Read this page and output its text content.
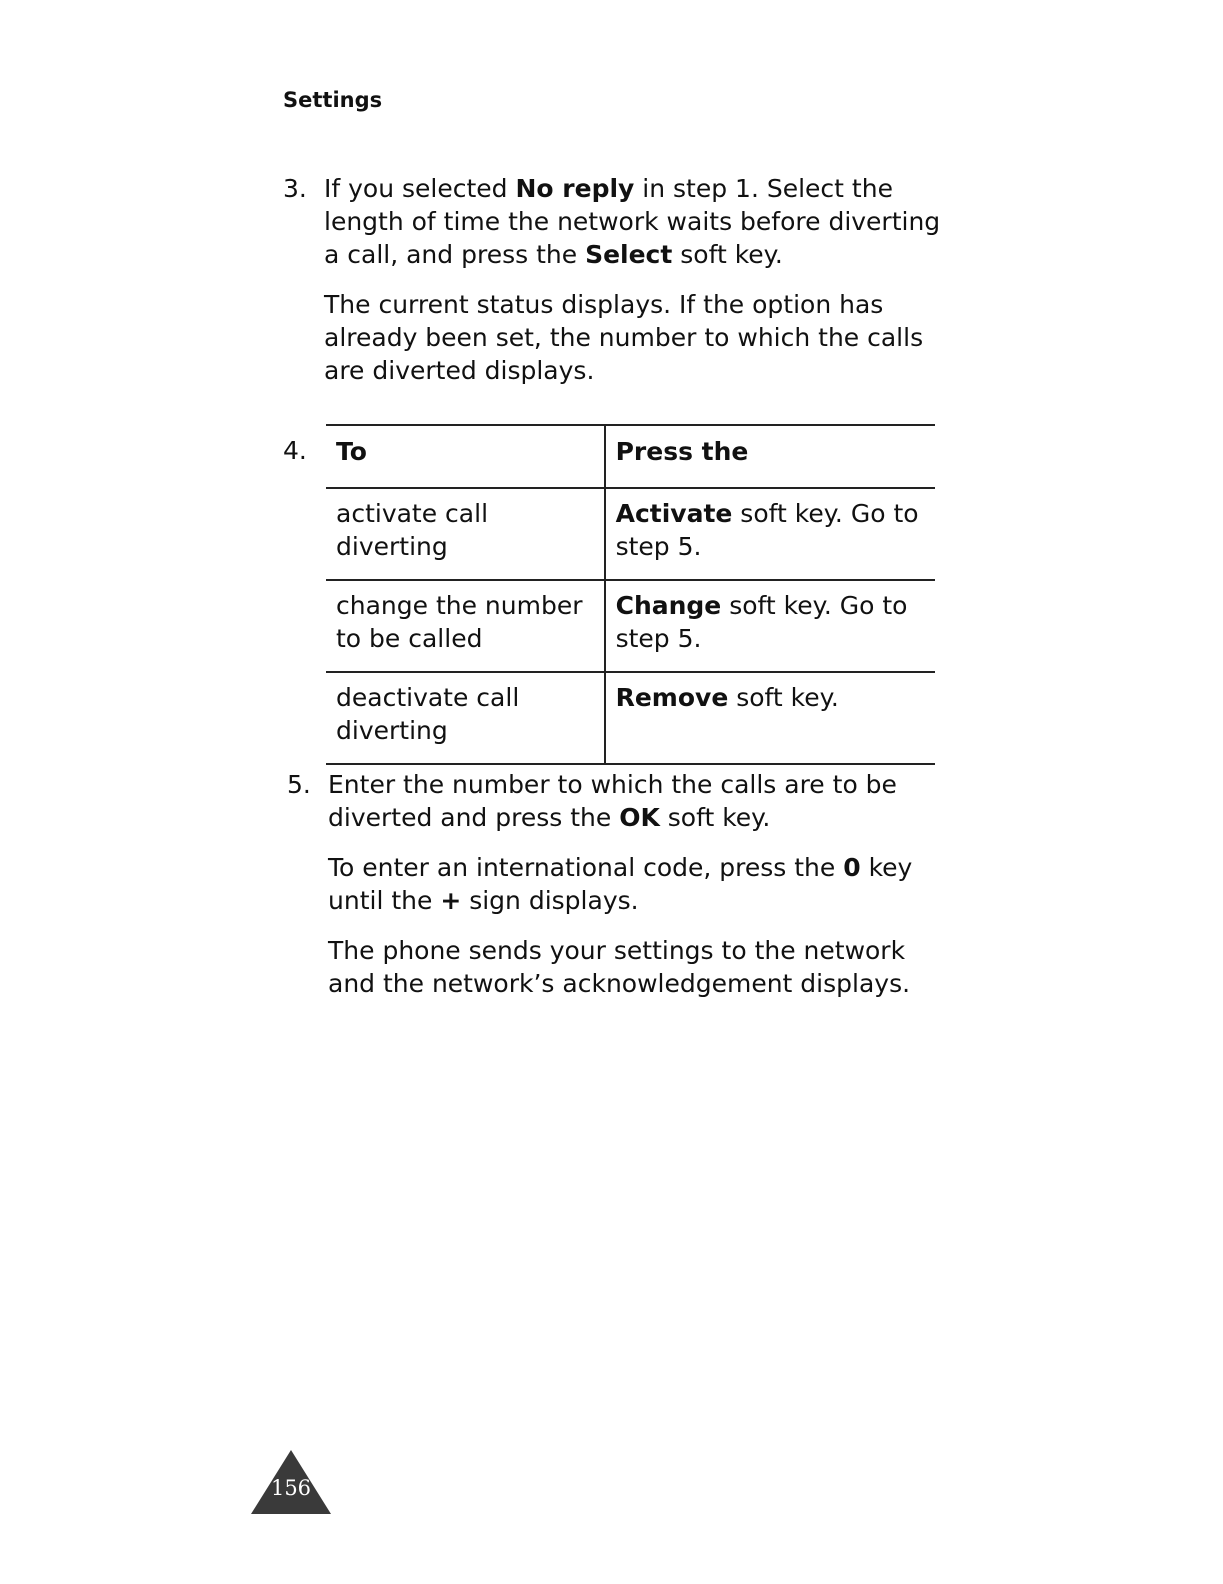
Settings
3. If you selected No reply in step 1. Select the length of time the network waits before diverting a call, and press the Select soft key.

The current status displays. If the option has already been set, the number to which the calls are diverted displays.

4. To	Press the
activate call diverting	Activate soft key. Go to step 5.
change the number to be called	Change soft key. Go to step 5.
deactivate call diverting	Remove soft key.
5. Enter the number to which the calls are to be diverted and press the OK soft key.

To enter an international code, press the 0 key until the + sign displays.

The phone sends your settings to the network and the network’s acknowledgement displays.

156
